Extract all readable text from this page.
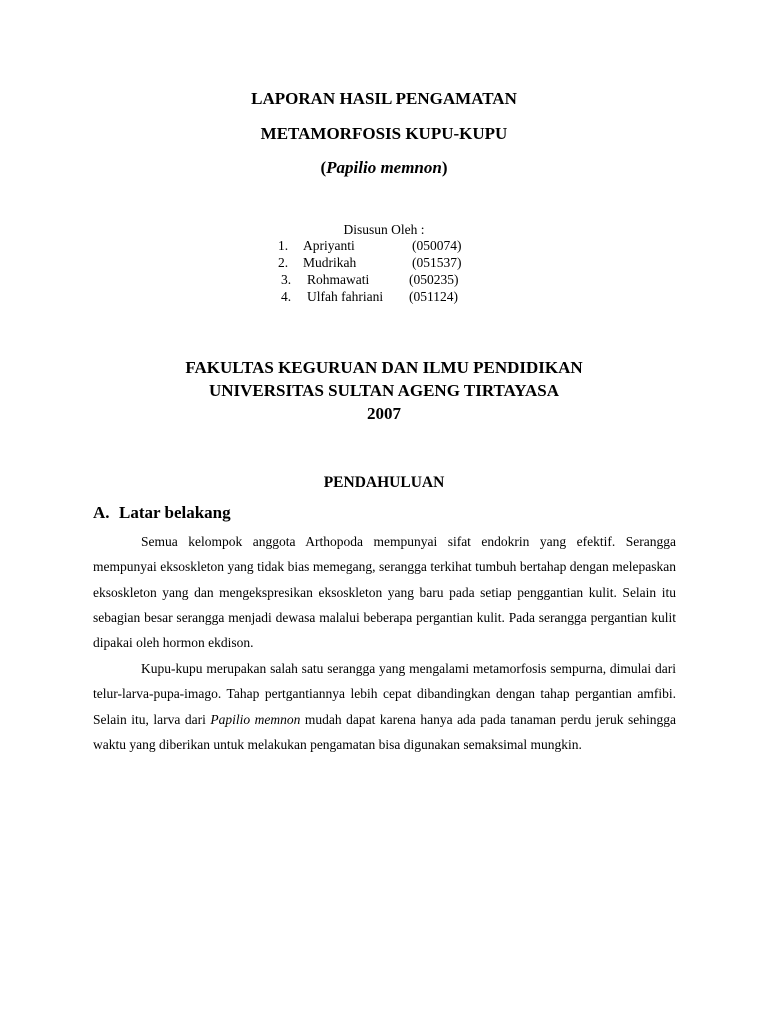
LAPORAN HASIL PENGAMATAN
METAMORFOSIS KUPU-KUPU
(Papilio memnon)
Disusun Oleh :
1. Apriyanti	(050074)
2. Mudrikah	(051537)
3. Rohmawati	(050235)
4. Ulfah fahriani (051124)
FAKULTAS KEGURUAN DAN ILMU PENDIDIKAN
UNIVERSITAS SULTAN AGENG TIRTAYASA
2007
PENDAHULUAN
A. Latar belakang

Semua kelompok anggota Arthopoda mempunyai sifat endokrin yang efektif. Serangga mempunyai eksoskleton yang tidak bias memegang, serangga terkihat tumbuh bertahap dengan melepaskan eksoskleton yang dan mengekspresikan eksoskleton yang baru pada setiap penggantian kulit. Selain itu sebagian besar serangga menjadi dewasa malalui beberapa pergantian kulit. Pada serangga pergantian kulit dipakai oleh hormon ekdison.

Kupu-kupu merupakan salah satu serangga yang mengalami metamorfosis sempurna, dimulai dari telur-larva-pupa-imago. Tahap pertgantiannya lebih cepat dibandingkan dengan tahap pergantian amfibi. Selain itu, larva dari Papilio memnon mudah dapat karena hanya ada pada tanaman perdu jeruk sehingga waktu yang diberikan untuk melakukan pengamatan bisa digunakan semaksimal mungkin.
